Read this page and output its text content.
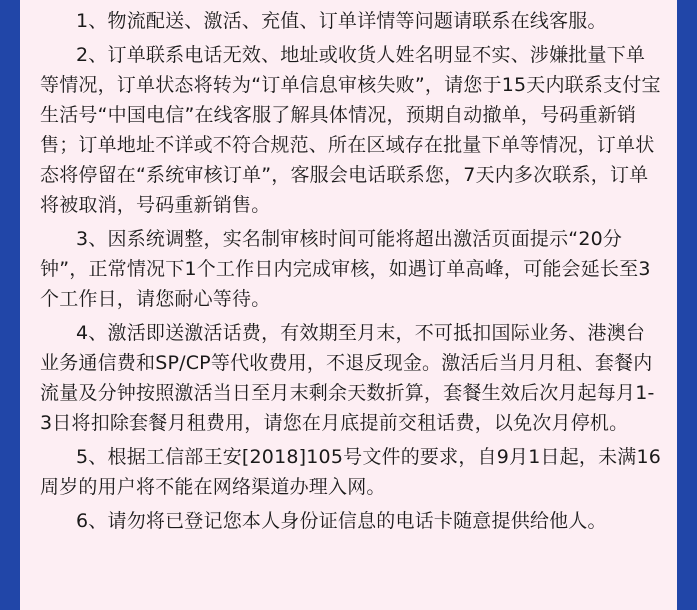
1、物流配送、激活、充值、订单详情等问题请联系在线客服。

2、订单联系电话无效、地址或收货人姓名明显不实、涉嫌批量下单等情况，订单状态将转为“订单信息审核失败”，请您于15天内联系支付宝生活号“中国电信”在线客服了解具体情况，预期自动撤单，号码重新销售；订单地址不详或不符合规范、所在区域存在批量下单等情况，订单状态将停留在“系统审核订单”，客服会电话联系您，7天内多次联系，订单将被取消，号码重新销售。

3、因系统调整，实名制审核时间可能将超出激活页面提示“20分钟”，正常情况下1个工作日内完成审核，如遇订单高峰，可能会延长至3个工作日，请您耐心等待。

4、激活即送激活话费，有效期至月末，不可抵扣国际业务、港澳台业务通信费和SP/CP等代收费用，不退反现金。激活后当月月租、套餐内流量及分钟按照激活当日至月末剩余天数折算，套餐生效后次月起每月1-3日将扣除套餐月租费用，请您在月底提前交租话费，以免次月停机。

5、根据工信部王安[2018]105号文件的要求，自9月1日起，未满16周岁的用户将不能在网络渠道办理入网。

6、请勿将已登记您本人身份证信息的电话卡随意提供给他人。
